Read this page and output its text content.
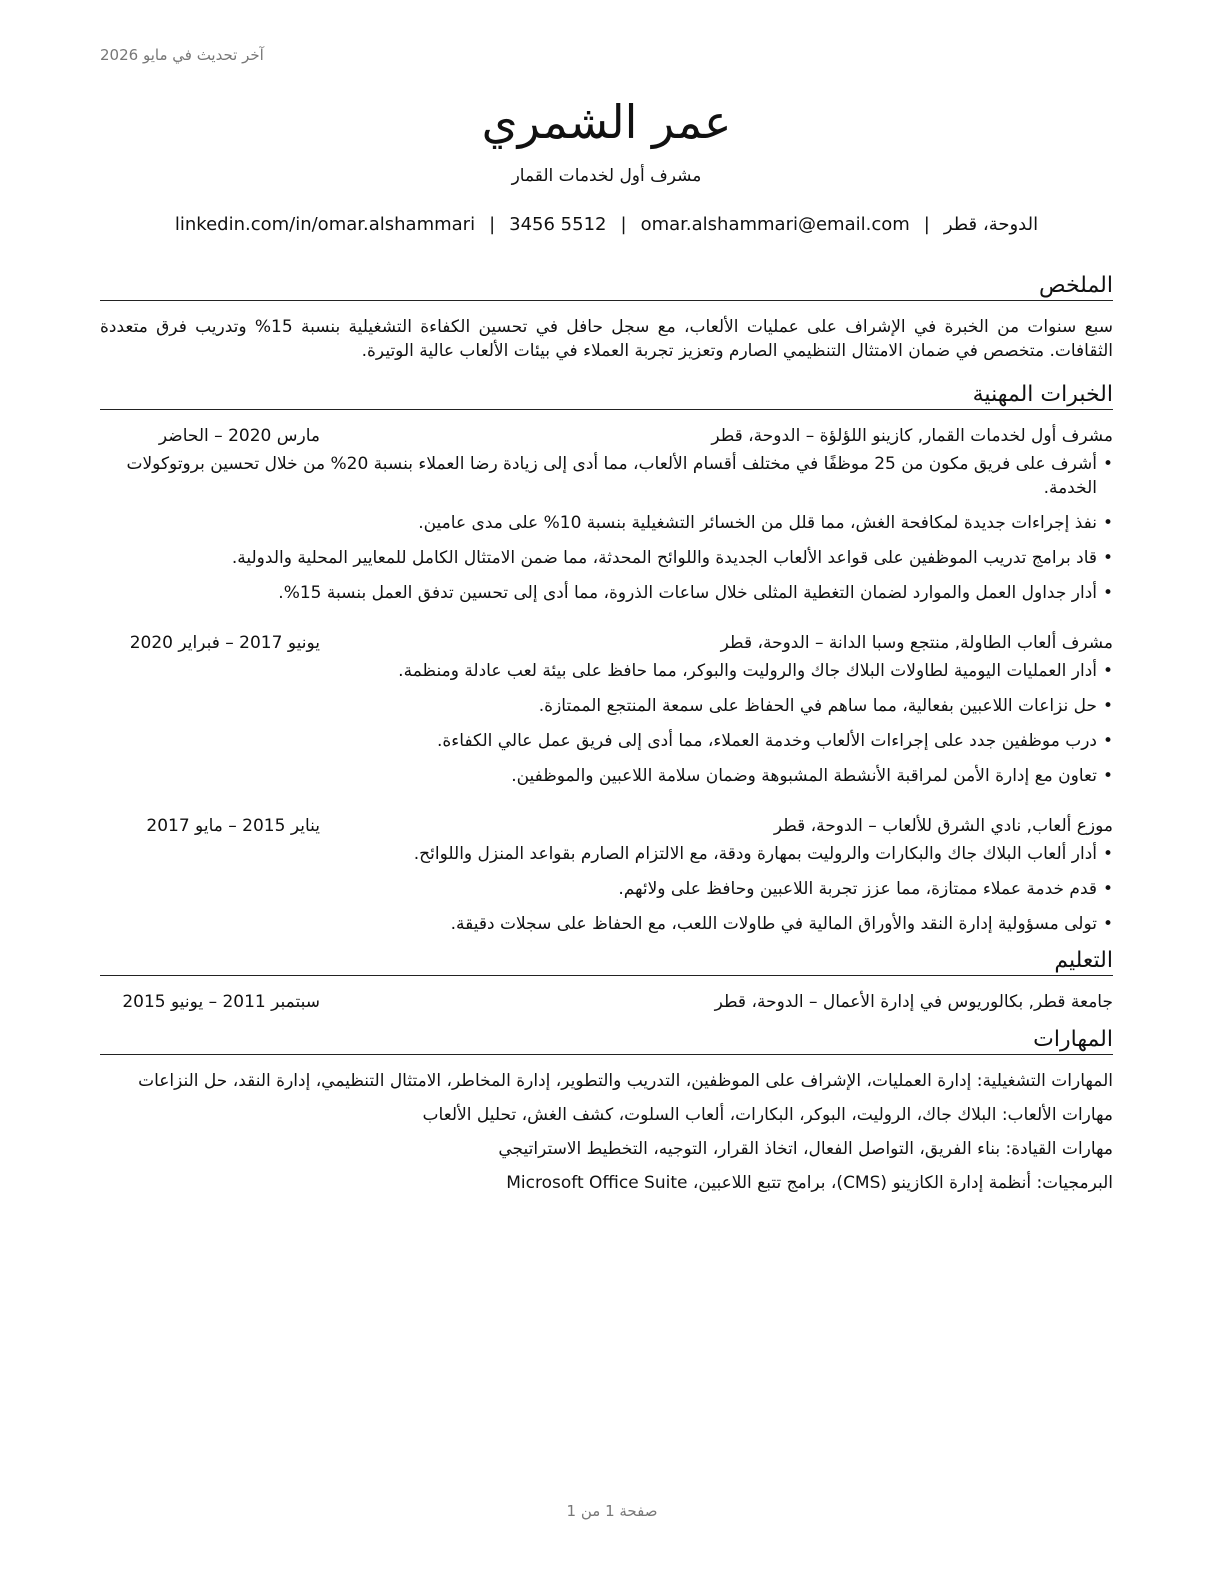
آخر تحديث في مايو 2026
عمر الشمري
مشرف أول لخدمات القمار
الدوحة، قطر|omar.alshammari@email.com|3456 5512|linkedin.com/in/omar.alshammari
الملخص
سبع سنوات من الخبرة في الإشراف على عمليات الألعاب، مع سجل حافل في تحسين الكفاءة التشغيلية بنسبة 15% وتدريب فرق متعددة الثقافات. متخصص في ضمان الامتثال التنظيمي الصارم وتعزيز تجربة العملاء في بيئات الألعاب عالية الوتيرة.
الخبرات المهنية
مشرف أول لخدمات القمار, كازينو اللؤلؤة – الدوحة، قطر
مارس 2020 – الحاضر
• أشرف على فريق مكون من 25 موظفًا في مختلف أقسام الألعاب، مما أدى إلى زيادة رضا العملاء بنسبة 20% من خلال تحسين بروتوكولات الخدمة.
• نفذ إجراءات جديدة لمكافحة الغش، مما قلل من الخسائر التشغيلية بنسبة 10% على مدى عامين.
• قاد برامج تدريب الموظفين على قواعد الألعاب الجديدة واللوائح المحدثة، مما ضمن الامتثال الكامل للمعايير المحلية والدولية.
• أدار جداول العمل والموارد لضمان التغطية المثلى خلال ساعات الذروة، مما أدى إلى تحسين تدفق العمل بنسبة 15%.
مشرف ألعاب الطاولة, منتجع وسبا الدانة – الدوحة، قطر
يونيو 2017 – فبراير 2020
• أدار العمليات اليومية لطاولات البلاك جاك والروليت والبوكر، مما حافظ على بيئة لعب عادلة ومنظمة.
• حل نزاعات اللاعبين بفعالية، مما ساهم في الحفاظ على سمعة المنتجع الممتازة.
• درب موظفين جدد على إجراءات الألعاب وخدمة العملاء، مما أدى إلى فريق عمل عالي الكفاءة.
• تعاون مع إدارة الأمن لمراقبة الأنشطة المشبوهة وضمان سلامة اللاعبين والموظفين.
موزع ألعاب, نادي الشرق للألعاب – الدوحة، قطر
يناير 2015 – مايو 2017
• أدار ألعاب البلاك جاك والبكارات والروليت بمهارة ودقة، مع الالتزام الصارم بقواعد المنزل واللوائح.
• قدم خدمة عملاء ممتازة، مما عزز تجربة اللاعبين وحافظ على ولائهم.
• تولى مسؤولية إدارة النقد والأوراق المالية في طاولات اللعب، مع الحفاظ على سجلات دقيقة.
التعليم
جامعة قطر, بكالوريوس في إدارة الأعمال – الدوحة، قطر
سبتمبر 2011 – يونيو 2015
المهارات
المهارات التشغيلية: إدارة العمليات، الإشراف على الموظفين، التدريب والتطوير، إدارة المخاطر، الامتثال التنظيمي، إدارة النقد، حل النزاعات
مهارات الألعاب: البلاك جاك، الروليت، البوكر، البكارات، ألعاب السلوت، كشف الغش، تحليل الألعاب
مهارات القيادة: بناء الفريق، التواصل الفعال، اتخاذ القرار، التوجيه، التخطيط الاستراتيجي
البرمجيات: أنظمة إدارة الكازينو (CMS)، برامج تتبع اللاعبين، Microsoft Office Suite
صفحة 1 من 1
